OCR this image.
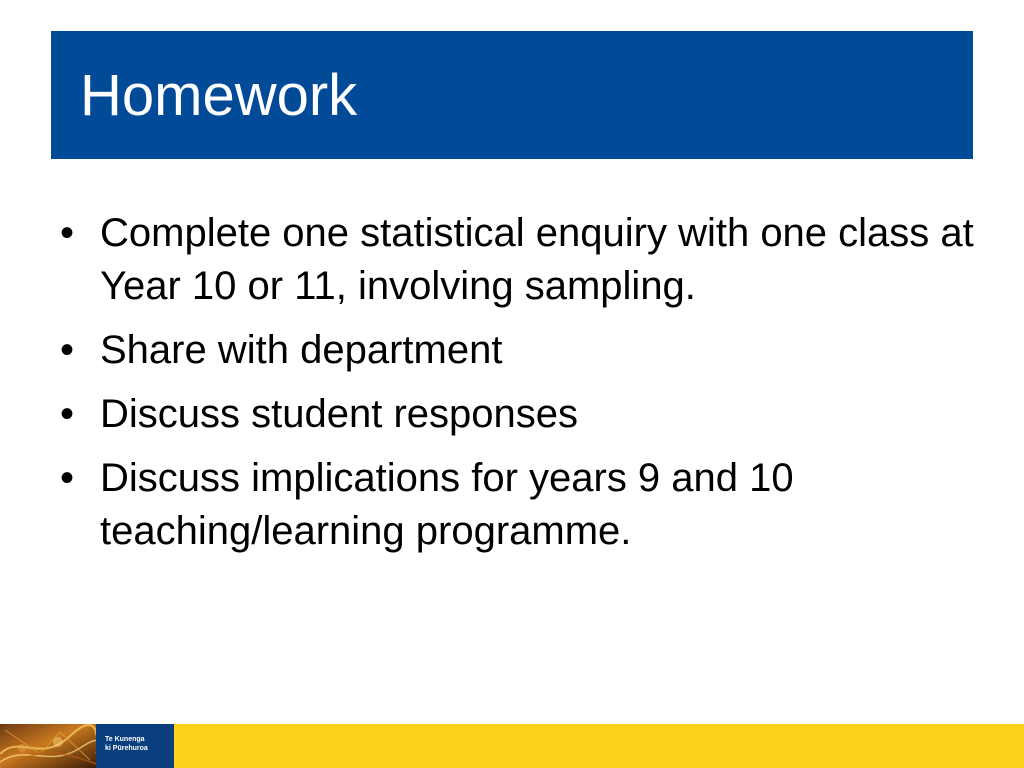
Homework
• Complete one statistical enquiry with one class at Year 10 or 11, involving sampling.
• Share with department
• Discuss student responses
• Discuss implications for years 9 and 10 teaching/learning programme.
Te Kunenga
ki Pūrehuroa
